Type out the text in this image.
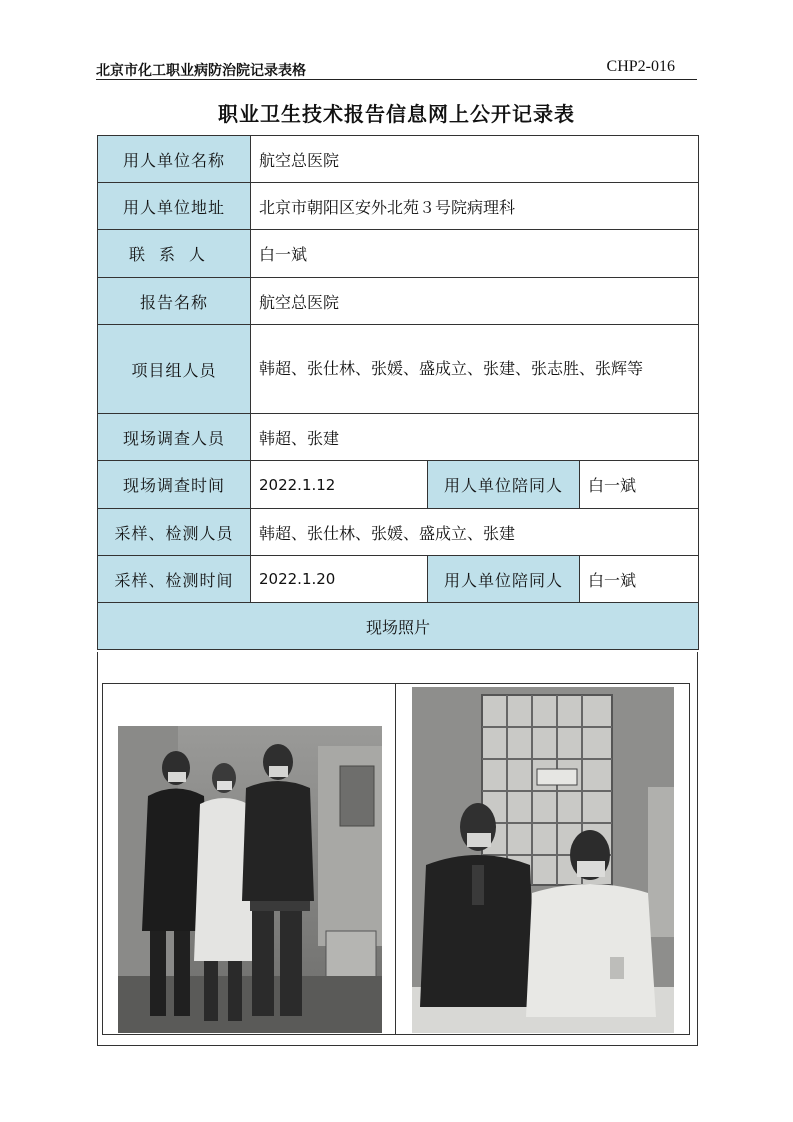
北京市化工职业病防治院记录表格	CHP2-016
职业卫生技术报告信息网上公开记录表
用人单位名称	航空总医院		
用人单位地址	北京市朝阳区安外北苑３号院病理科		
联系人	白一斌		
报告名称	航空总医院		
项目组人员	韩超、张仕林、张媛、盛成立、张建、张志胜、张辉等		
现场调查人员	韩超、张建		
现场调查时间	2022.1.12	用人单位陪同人	白一斌
采样、检测人员	韩超、张仕林、张媛、盛成立、张建		
采样、检测时间	2022.1.20	用人单位陪同人	白一斌
现场照片			
